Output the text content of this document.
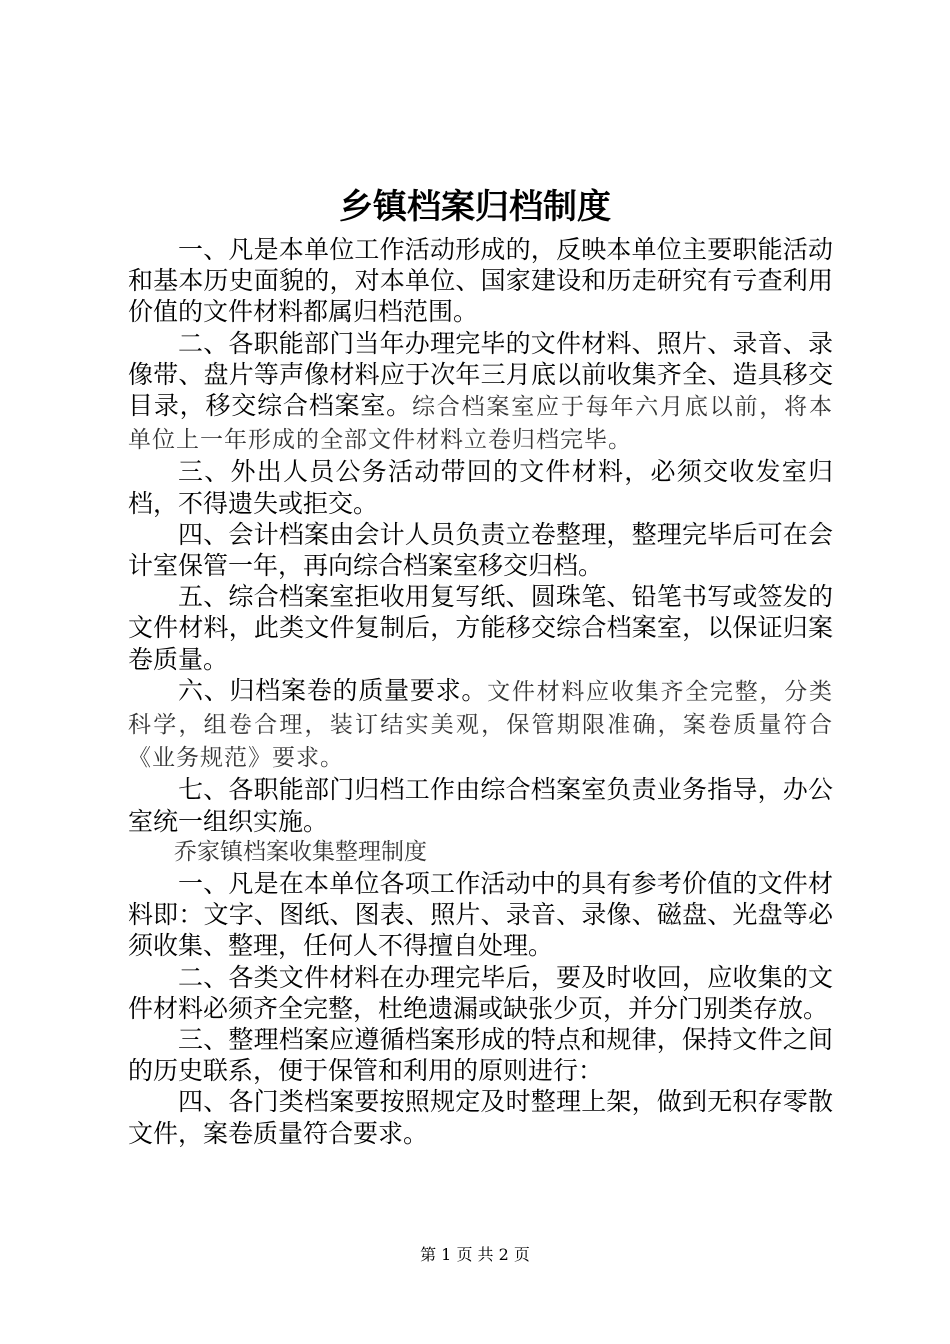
乡镇档案归档制度

一、凡是本单位工作活动形成的，反映本单位主要职能活动和基本历史面貌的，对本单位、国家建设和历走研究有亏查利用价值的文件材料都属归档范围。

二、各职能部门当年办理完毕的文件材料、照片、录音、录像带、盘片等声像材料应于次年三月底以前收集齐全、造具移交目录，移交综合档案室。综合档案室应于每年六月底以前，将本单位上一年形成的全部文件材料立卷归档完毕。

三、外出人员公务活动带回的文件材料，必须交收发室归档，不得遗失或拒交。

四、会计档案由会计人员负责立卷整理，整理完毕后可在会计室保管一年，再向综合档案室移交归档。

五、综合档案室拒收用复写纸、圆珠笔、铅笔书写或签发的文件材料，此类文件复制后，方能移交综合档案室，以保证归案卷质量。

六、归档案卷的质量要求。文件材料应收集齐全完整，分类科学，组卷合理，装订结实美观，保管期限准确，案卷质量符合《业务规范》要求。

七、各职能部门归档工作由综合档案室负责业务指导，办公室统一组织实施。

乔家镇档案收集整理制度

一、凡是在本单位各项工作活动中的具有参考价值的文件材料即：文字、图纸、图表、照片、录音、录像、磁盘、光盘等必须收集、整理，任何人不得擅自处理。

二、各类文件材料在办理完毕后，要及时收回，应收集的文件材料必须齐全完整，杜绝遗漏或缺张少页，并分门别类存放。

三、整理档案应遵循档案形成的特点和规律，保持文件之间的历史联系，便于保管和利用的原则进行：

四、各门类档案要按照规定及时整理上架，做到无积存零散文件，案卷质量符合要求。

第 1 页 共 2 页
